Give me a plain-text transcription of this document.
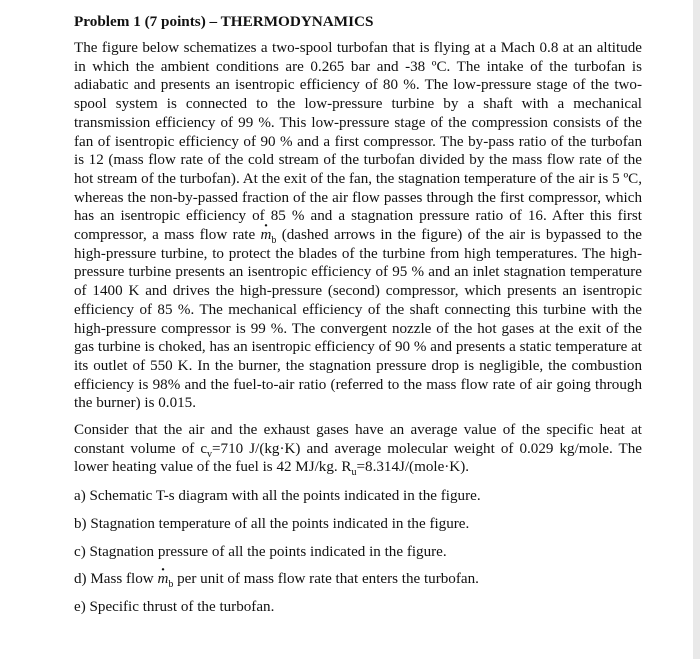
Problem 1 (7 points) – THERMODYNAMICS

The figure below schematizes a two-spool turbofan that is flying at a Mach 0.8 at an altitude in which the ambient conditions are 0.265 bar and -38 ºC. The intake of the turbofan is adiabatic and presents an isentropic efficiency of 80 %. The low-pressure stage of the two-spool system is connected to the low-pressure turbine by a shaft with a mechanical transmission efficiency of 99 %. This low-pressure stage of the compression consists of the fan of isentropic efficiency of 90 % and a first compressor. The by-pass ratio of the turbofan is 12 (mass flow rate of the cold stream of the turbofan divided by the mass flow rate of the hot stream of the turbofan). At the exit of the fan, the stagnation temperature of the air is 5 ºC, whereas the non-by-passed fraction of the air flow passes through the first compressor, which has an isentropic efficiency of 85 % and a stagnation pressure ratio of 16. After this first compressor, a mass flow rate · $m_b$ (dashed arrows in the figure) of the air is bypassed to the high-pressure turbine, to protect the blades of the turbine from high temperatures. The high-pressure turbine presents an isentropic efficiency of 95 % and an inlet stagnation temperature of 1400 K and drives the high-pressure (second) compressor, which presents an isentropic efficiency of 85 %. The mechanical efficiency of the shaft connecting this turbine with the high-pressure compressor is 99 %. The convergent nozzle of the hot gases at the exit of the gas turbine is choked, has an isentropic efficiency of 90 % and presents a static temperature at its outlet of 550 K. In the burner, the stagnation pressure drop is negligible, the combustion efficiency is 98% and the fuel-to-air ratio (referred to the mass flow rate of air going through the burner) is 0.015.

Consider that the air and the exhaust gases have an average value of the specific heat at constant volume of $c_v=710$ J/(kg·K) and average molecular weight of 0.029 kg/mole. The lower heating value of the fuel is 42 MJ/kg. $R_u=8.314J/(mole\cdot K)$.

a) Schematic T-s diagram with all the points indicated in the figure.
b) Stagnation temperature of all the points indicated in the figure.
c) Stagnation pressure of all the points indicated in the figure.
d) Mass flow · $m_b$ per unit of mass flow rate that enters the turbofan.
e) Specific thrust of the turbofan.
